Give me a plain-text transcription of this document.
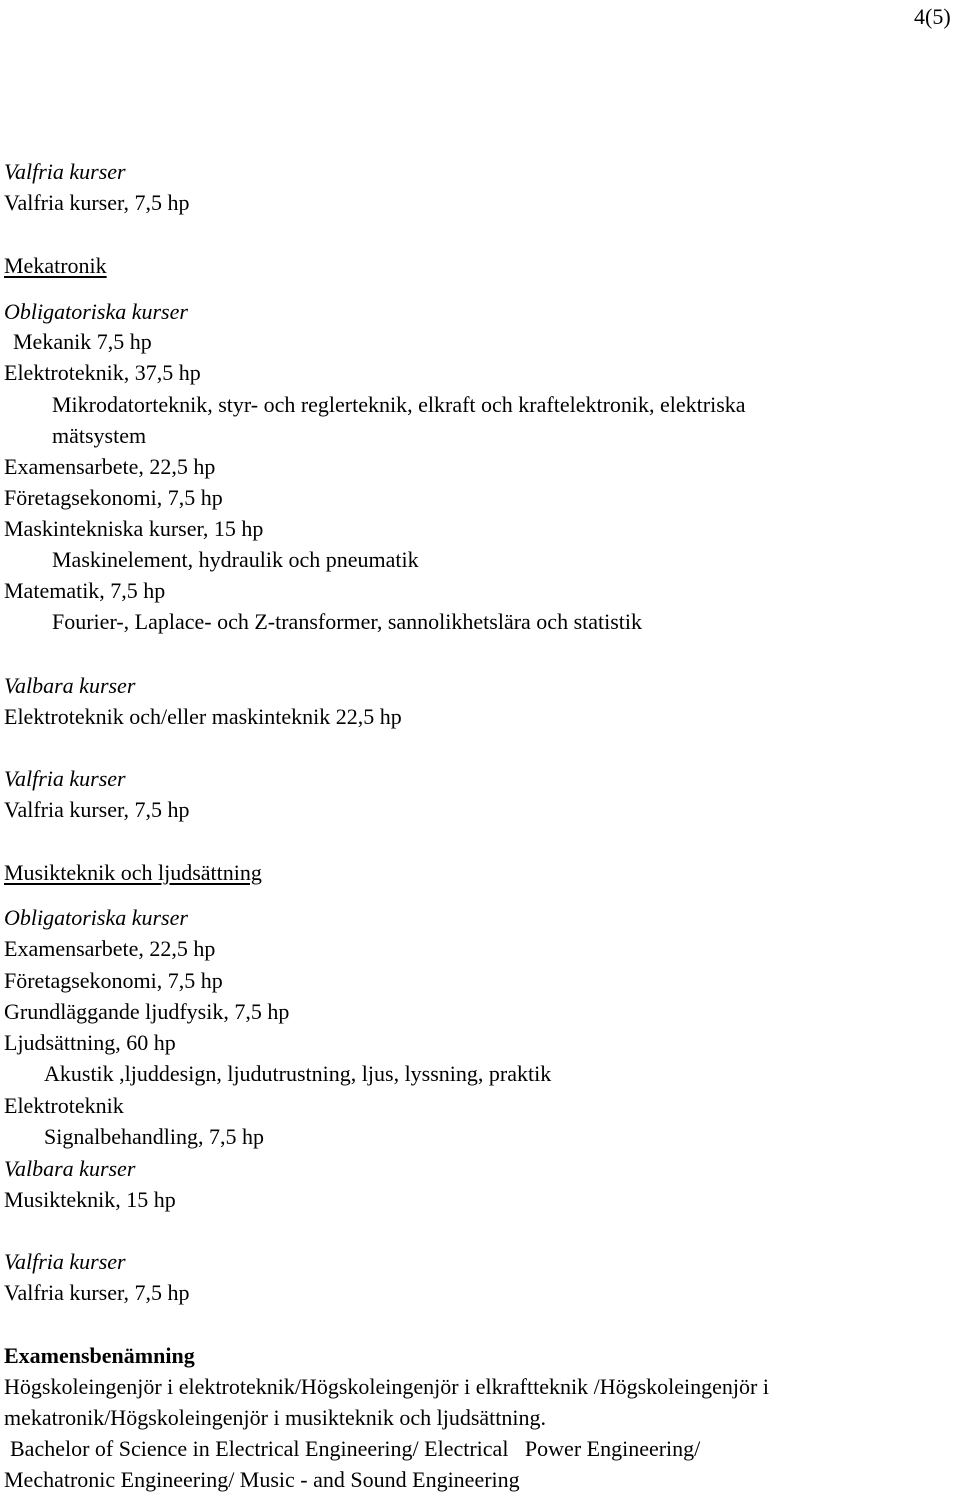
4(5)
Valfria kurser
Valfria kurser, 7,5 hp
Mekatronik
Obligatoriska kurser
Mekanik 7,5 hp
Elektroteknik, 37,5 hp
Mikrodatorteknik, styr- och reglerteknik, elkraft och kraftelektronik, elektriska
mätsystem
Examensarbete, 22,5 hp
Företagsekonomi, 7,5 hp
Maskintekniska kurser, 15 hp
Maskinelement, hydraulik och pneumatik
Matematik, 7,5 hp
Fourier-, Laplace- och Z-transformer, sannolikhetslära och statistik
Valbara kurser
Elektroteknik och/eller maskinteknik 22,5 hp
Valfria kurser
Valfria kurser, 7,5 hp
Musikteknik och ljudsättning
Obligatoriska kurser
Examensarbete, 22,5 hp
Företagsekonomi, 7,5 hp
Grundläggande ljudfysik, 7,5 hp
Ljudsättning, 60 hp
Akustik ,ljuddesign, ljudutrustning, ljus, lyssning, praktik
Elektroteknik
Signalbehandling, 7,5 hp
Valbara kurser
Musikteknik, 15 hp
Valfria kurser
Valfria kurser, 7,5 hp
Examensbenämning
Högskoleingenjör i elektroteknik/Högskoleingenjör i elkraftteknik /Högskoleingenjör i
mekatronik/Högskoleingenjör i musikteknik och ljudsättning.
Bachelor of Science in Electrical Engineering/ Electrical   Power Engineering/
Mechatronic Engineering/ Music - and Sound Engineering
